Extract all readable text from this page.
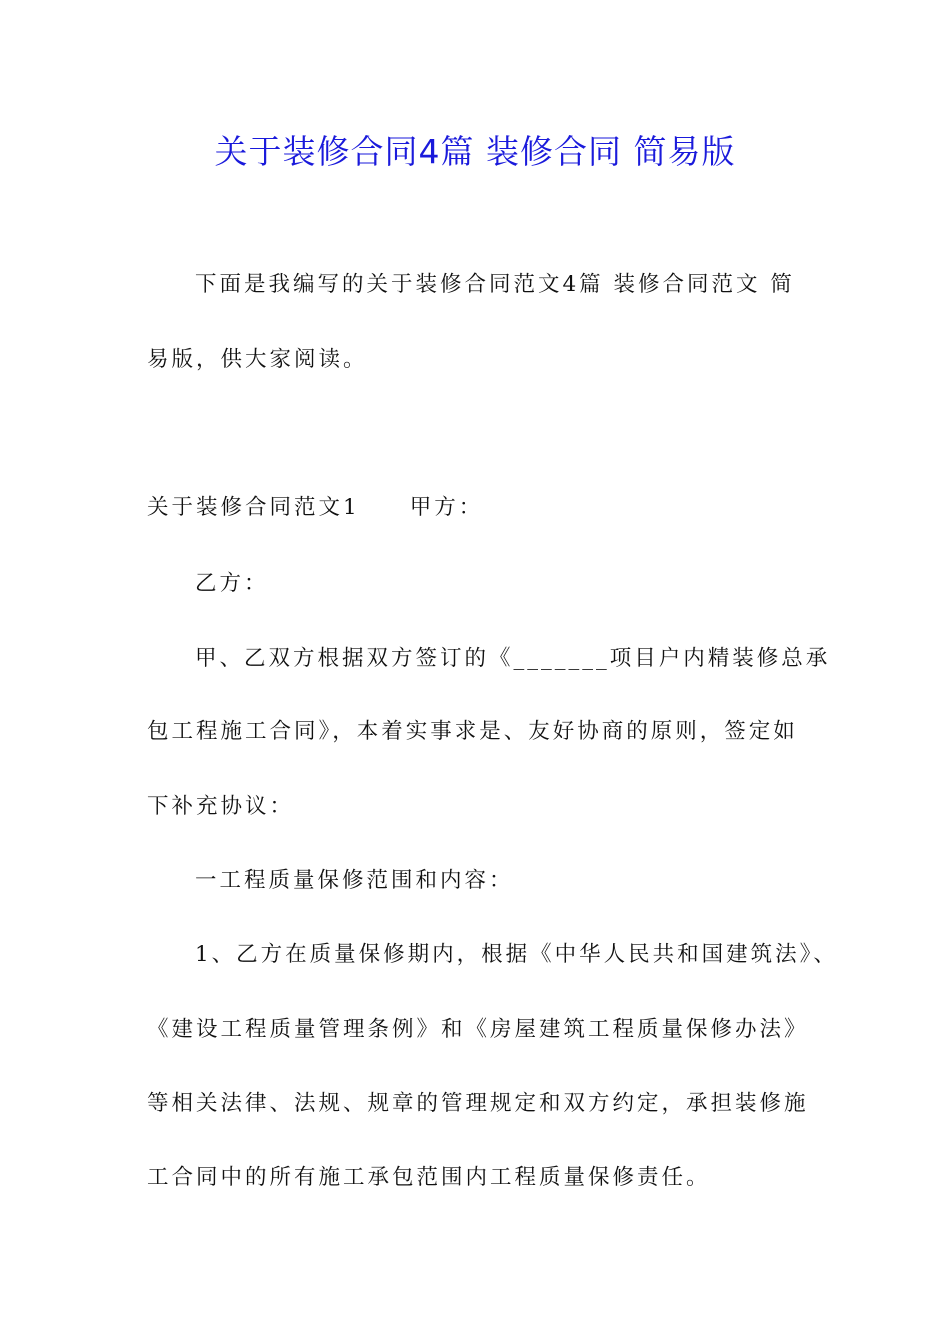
关于装修合同4篇 装修合同 简易版
下面是我编写的关于装修合同范文4篇 装修合同范文 简
易版，供大家阅读。
关于装修合同范文1 甲方：
乙方：
甲、乙双方根据双方签订的《_______项目户内精装修总承
包工程施工合同》，本着实事求是、友好协商的原则，签定如
下补充协议：
一工程质量保修范围和内容：
1、乙方在质量保修期内，根据《中华人民共和国建筑法》、
《建设工程质量管理条例》和《房屋建筑工程质量保修办法》
等相关法律、法规、规章的管理规定和双方约定，承担装修施
工合同中的所有施工承包范围内工程质量保修责任。
